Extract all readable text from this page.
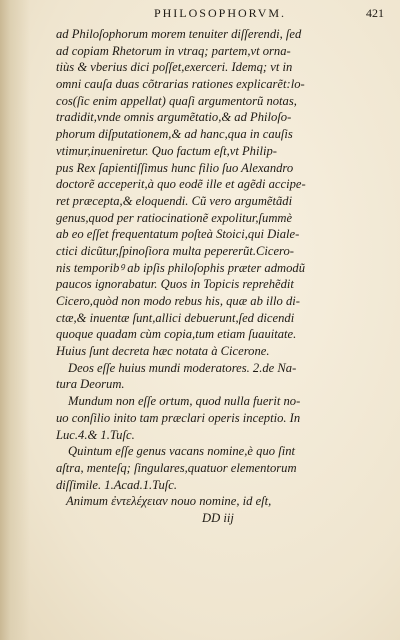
PHILOSOPHORVM.	421
ad Philoſophorum morem tenuiter diſſerendi, ſed
ad copiam Rhetorum in vtraq; partem,vt orna-
tiùs & vberius dici poſſet,exerceri. Idemq; vt in
omni cauſa duas cõtrarias rationes explicarẽt:lo-
cos(ſic enim appellat) quaſi argumentorũ notas,
tradidit,vnde omnis argumẽtatio,& ad Philoſo-
phorum diſputationem,& ad hanc,qua in cauſis
vtimur,inueniretur. Quo factum eſt,vt Philip-
pus Rex ſapientiſſimus hunc filio ſuo Alexandro
doctorẽ acceperit,à quo eodẽ ille et agẽdi accipe-
ret præcepta,& eloquendi. Cũ vero argumẽtãdi
genus,quod per ratiocinationẽ expolitur,ſummè
ab eo eſſet frequentatum poſteà Stoici,qui Diale-
ctici dicũtur,ſpinoſiora multa pepererũt.Cicero-
nis temporibꝰ ab ipſis philoſophis præter admodũ
paucos ignorabatur. Quos in Topicis reprehẽdit
Cicero,quòd non modo rebus his, quæ ab illo di-
ctæ,& inuentæ ſunt,allici debuerunt,ſed dicendi
quoque quadam cùm copia,tum etiam ſuauitate.
Huius ſunt decreta hæc notata à Cicerone.
Deos eſſe huius mundi moderatores. 2.de Na-
tura Deorum.
Mundum non eſſe ortum, quod nulla fuerit no-
uo conſilio inito tam præclari operis inceptio. In
Luc.4.& 1.Tuſc.
Quintum eſſe genus vacans nomine,è quo ſint
aſtra, menteſq; ſingulares,quatuor elementorum
diſſimile. 1.Acad.1.Tuſc.
Animum ἐντελέχειαν nouo nomine, id eſt,
DD iij
